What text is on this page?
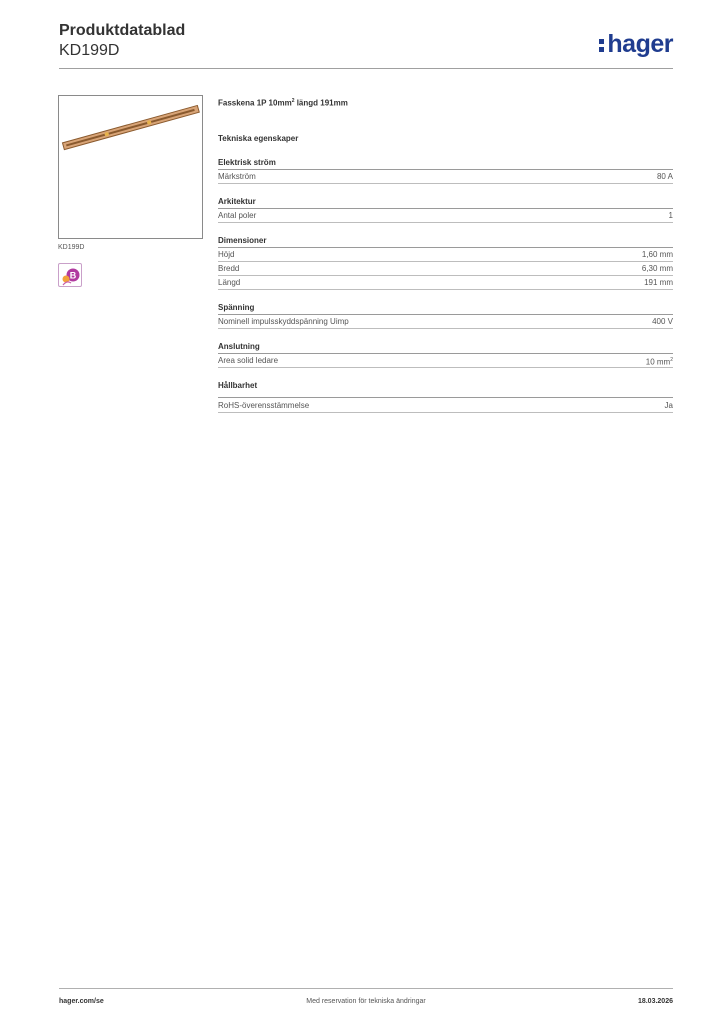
Produktdatablad
KD199D	hager
KD199D
B
Fasskena 1P $10mm^2$ längd 191mm
Tekniska egenskaper
Elektrisk ström
Märkström	80 A
Arkitektur
Antal poler	1
Dimensioner
Höjd	1,60 mm
Bredd	6,30 mm
Längd	191 mm
Spänning
Nominell impulsskyddspänning Uimp	400 V
Anslutning
Area solid ledare	10 $mm^2$
Hållbarhet
RoHS-överensstämmelse	Ja
hager.com/se	Med reservation för tekniska ändringar	18.03.2026
